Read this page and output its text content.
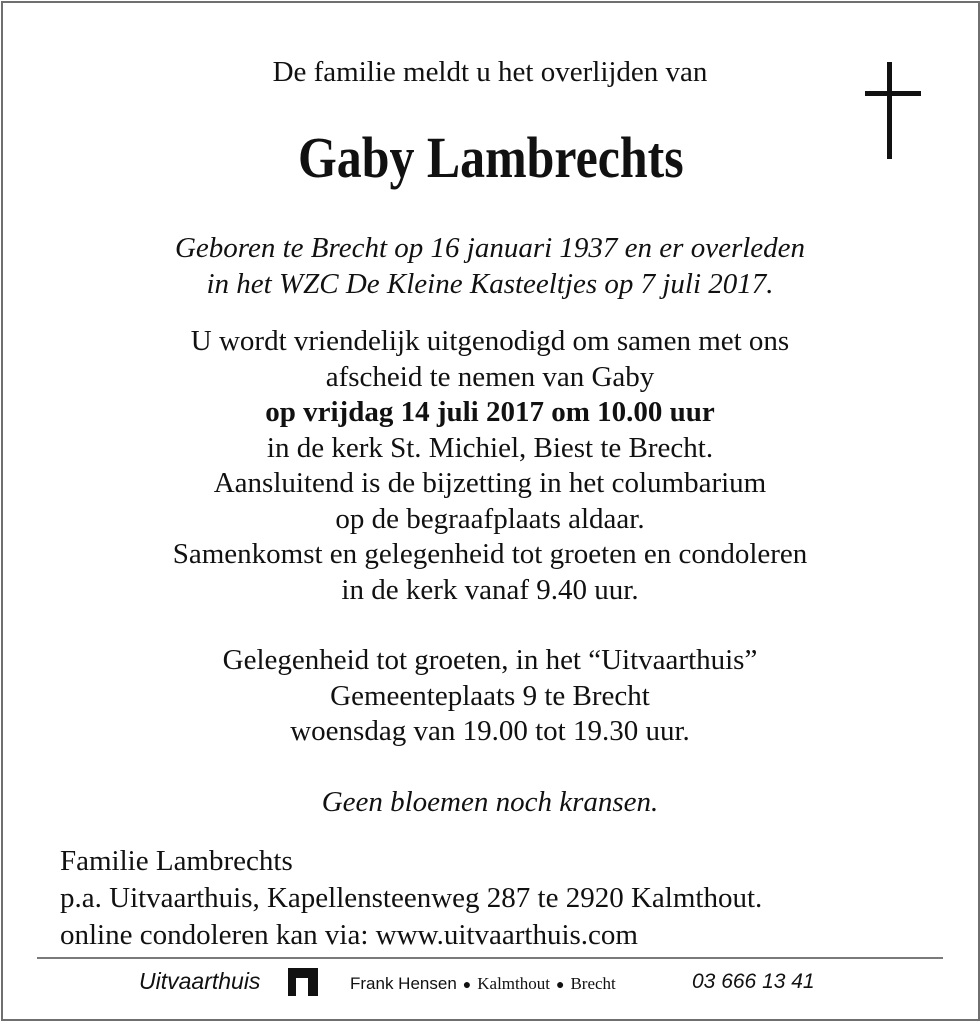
De familie meldt u het overlijden van
Gaby Lambrechts
Geboren te Brecht op 16 januari 1937 en er overleden
in het WZC De Kleine Kasteeltjes op 7 juli 2017.
U wordt vriendelijk uitgenodigd om samen met ons
afscheid te nemen van Gaby
op vrijdag 14 juli 2017 om 10.00 uur
in de kerk St. Michiel, Biest te Brecht.
Aansluitend is de bijzetting in het columbarium
op de begraafplaats aldaar.
Samenkomst en gelegenheid tot groeten en condoleren
in de kerk vanaf 9.40 uur.
Gelegenheid tot groeten, in het “Uitvaarthuis”
Gemeenteplaats 9 te Brecht
woensdag van 19.00 tot 19.30 uur.
Geen bloemen noch kransen.
Familie Lambrechts
p.a. Uitvaarthuis, Kapellensteenweg 287 te 2920 Kalmthout.
online condoleren kan via: www.uitvaarthuis.com
Uitvaarthuis	Frank Hensen ● Kalmthout ● Brecht	03 666 13 41
